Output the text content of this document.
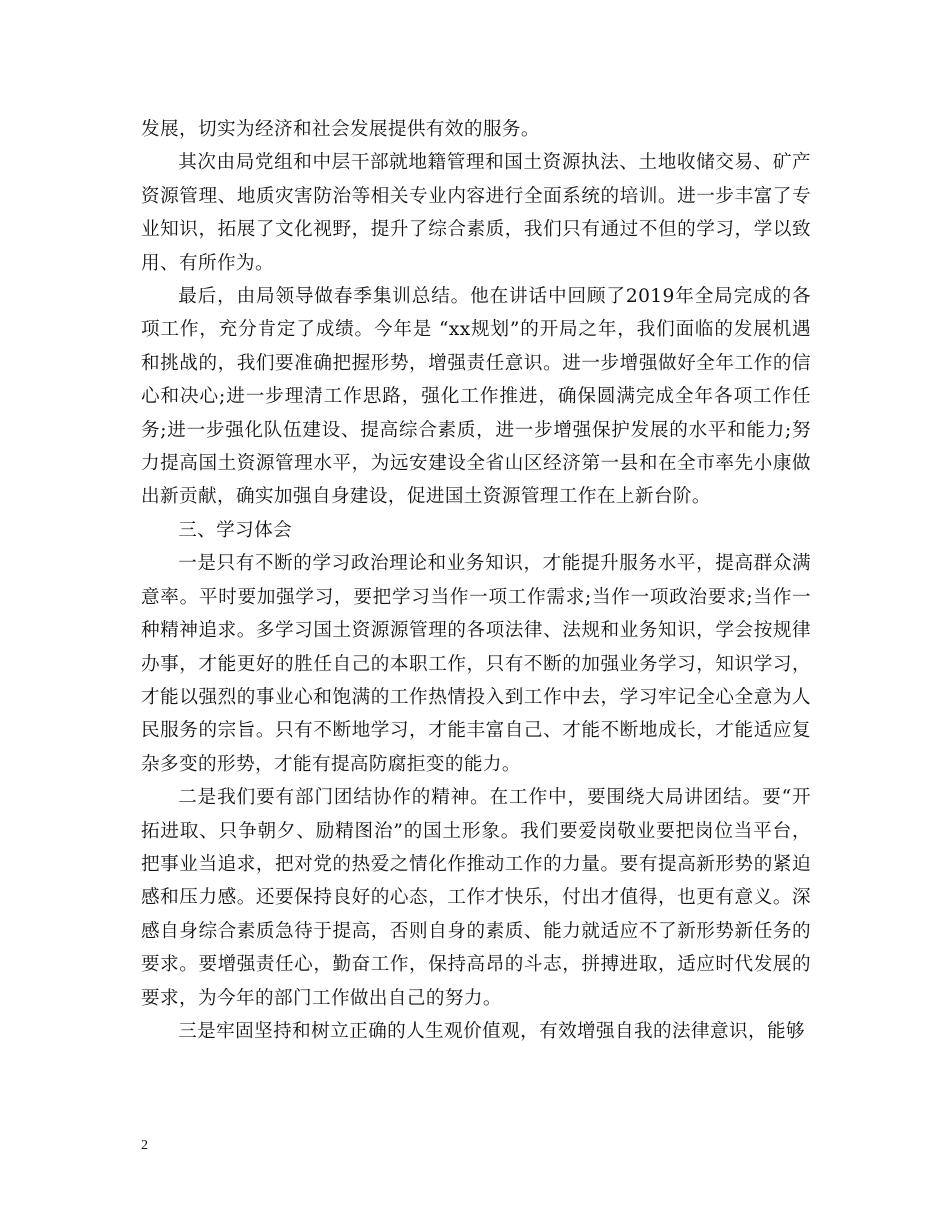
发展，切实为经济和社会发展提供有效的服务。

其次由局党组和中层干部就地籍管理和国土资源执法、土地收储交易、矿产资源管理、地质灾害防治等相关专业内容进行全面系统的培训。进一步丰富了专业知识，拓展了文化视野，提升了综合素质，我们只有通过不但的学习，学以致用、有所作为。

最后，由局领导做春季集训总结。他在讲话中回顾了2019年全局完成的各项工作，充分肯定了成绩。今年是 “xx规划”的开局之年，我们面临的发展机遇和挑战的，我们要准确把握形势，增强责任意识。进一步增强做好全年工作的信心和决心;进一步理清工作思路，强化工作推进，确保圆满完成全年各项工作任务;进一步强化队伍建设、提高综合素质，进一步增强保护发展的水平和能力;努力提高国土资源管理水平，为远安建设全省山区经济第一县和在全市率先小康做出新贡献，确实加强自身建设，促进国土资源管理工作在上新台阶。

三、学习体会

一是只有不断的学习政治理论和业务知识，才能提升服务水平，提高群众满意率。平时要加强学习，要把学习当作一项工作需求;当作一项政治要求;当作一种精神追求。多学习国土资源源管理的各项法律、法规和业务知识，学会按规律办事，才能更好的胜任自己的本职工作，只有不断的加强业务学习，知识学习，才能以强烈的事业心和饱满的工作热情投入到工作中去，学习牢记全心全意为人民服务的宗旨。只有不断地学习，才能丰富自己、才能不断地成长，才能适应复杂多变的形势，才能有提高防腐拒变的能力。

二是我们要有部门团结协作的精神。在工作中，要围绕大局讲团结。要“开拓进取、只争朝夕、励精图治”的国土形象。我们要爱岗敬业要把岗位当平台，把事业当追求，把对党的热爱之情化作推动工作的力量。要有提高新形势的紧迫感和压力感。还要保持良好的心态，工作才快乐，付出才值得，也更有意义。深感自身综合素质急待于提高，否则自身的素质、能力就适应不了新形势新任务的要求。要增强责任心，勤奋工作，保持高昂的斗志，拼搏进取，适应时代发展的要求，为今年的部门工作做出自己的努力。

三是牢固坚持和树立正确的人生观价值观，有效增强自我的法律意识，能够

2
